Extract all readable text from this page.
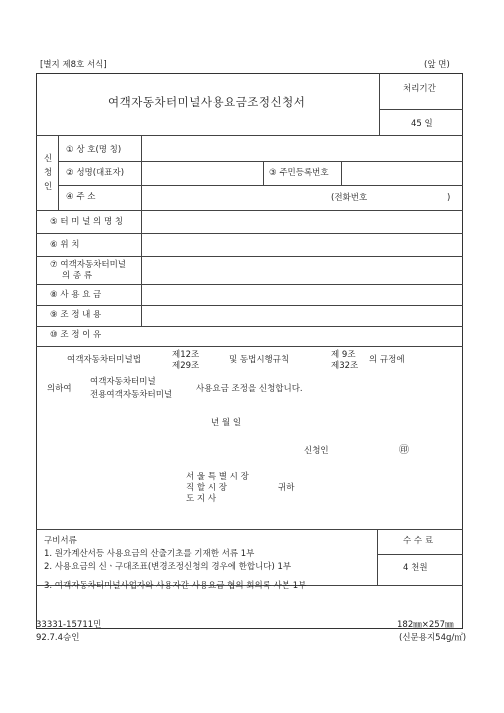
[별지 제8호 서식]	(앞 면)
여객자동차터미널사용요금조정신청서
처리기간
45 일
신
청
인
① 상 호(명 칭)
② 성명(대표자)	③ 주민등록번호
④ 주 소	(전화번호	)
⑤ 터 미 널 의 명 칭
⑥ 위 치
⑦ 여객자동차터미널
의 종 류
⑧ 사 용 요 금
⑨ 조 정 내 용
⑩ 조 정 이 유
여객자동차터미널법	제12조
제29조
및 동법시행규칙	제 9조
제32조
의 규정에
의하여
여객자동차터미널
전용여객자동차터미널
사용요금 조정을 신청합니다.
년 월 일
신청인	㊞
서 울 특 별 시 장
직 할 시 장
도 지 사
귀하
구비서류
1. 원가계산서등 사용요금의 산출기초를 기재한 서류 1부
2. 사용요금의 신ㆍ구대조표(변경조정신청의 경우에 한합니다) 1부
3. 여객자동차터미널사업자와 사용자간 사용요금 협의 회의록 사본 1부
수 수 료
4 천원
33331-15711민
92.7.4승인
182㎜×257㎜
(신문용지54g/㎡)
